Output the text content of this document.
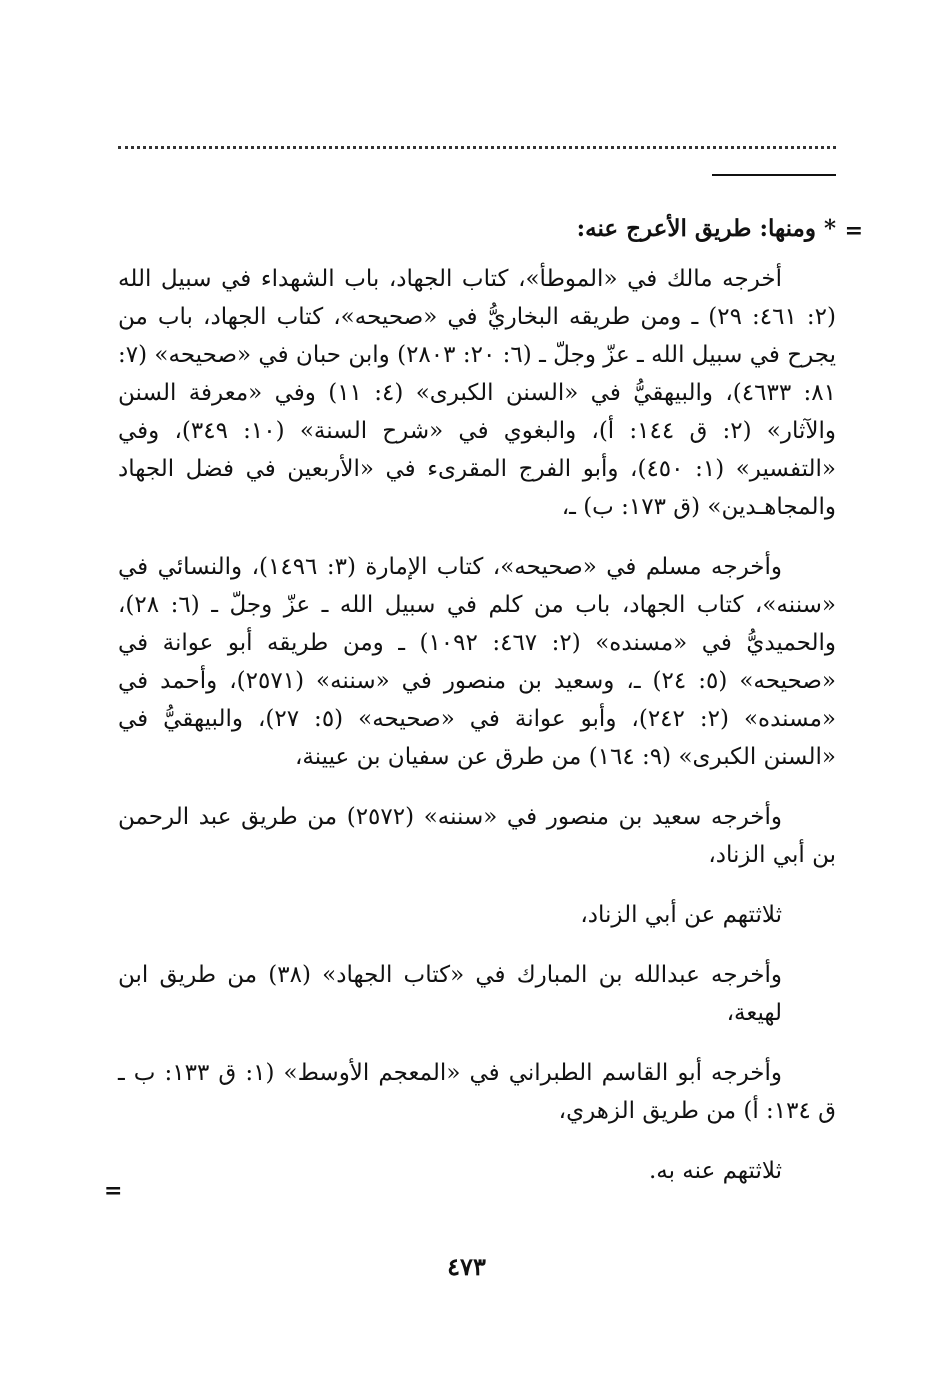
=

* ومنها: طريق الأعرج عنه:

أخرجه مالك في «الموطأ»، كتاب الجهاد، باب الشهداء في سبيل الله (٢: ٤٦١: ٢٩) ـ ومن طريقه البخاريُّ في «صحيحه»، كتاب الجهاد، باب من يجرح في سبيل الله ـ عزّ وجلّ ـ (٦: ٢٠: ٢٨٠٣) وابن حبان في «صحيحه» (٧: ٨١: ٤٦٣٣)، والبيهقيُّ في «السنن الكبرى» (٤: ١١) وفي «معرفة السنن والآثار» (٢: ق ١٤٤: أ)، والبغوي في «شرح السنة» (١٠: ٣٤٩)، وفي «التفسير» (١: ٤٥٠)، وأبو الفرج المقرىء في «الأربعين في فضل الجهاد والمجاهـدين» (ق ١٧٣: ب) ـ،

وأخرجه مسلم في «صحيحه»، كتاب الإمارة (٣: ١٤٩٦)، والنسائي في «سننه»، كتاب الجهاد، باب من كلم في سبيل الله ـ عزّ وجلّ ـ (٦: ٢٨)، والحميديُّ في «مسنده» (٢: ٤٦٧: ١٠٩٢) ـ ومن طريقه أبو عوانة في «صحيحه» (٥: ٢٤) ـ، وسعيد بن منصور في «سننه» (٢٥٧١)، وأحمد في «مسنده» (٢: ٢٤٢)، وأبو عوانة في «صحيحه» (٥: ٢٧)، والبيهقيُّ في «السنن الكبرى» (٩: ١٦٤) من طرق عن سفيان بن عيينة،

وأخرجه سعيد بن منصور في «سننه» (٢٥٧٢) من طريق عبد الرحمن بن أبي الزناد،

ثلاثتهم عن أبي الزناد،

وأخرجه عبدالله بن المبارك في «كتاب الجهاد» (٣٨) من طريق ابن لهيعة،

وأخرجه أبو القاسم الطبراني في «المعجم الأوسط» (١: ق ١٣٣: ب ـ ق ١٣٤: أ) من طريق الزهري،

ثلاثتهم عنه به.

=
٤٧٣
